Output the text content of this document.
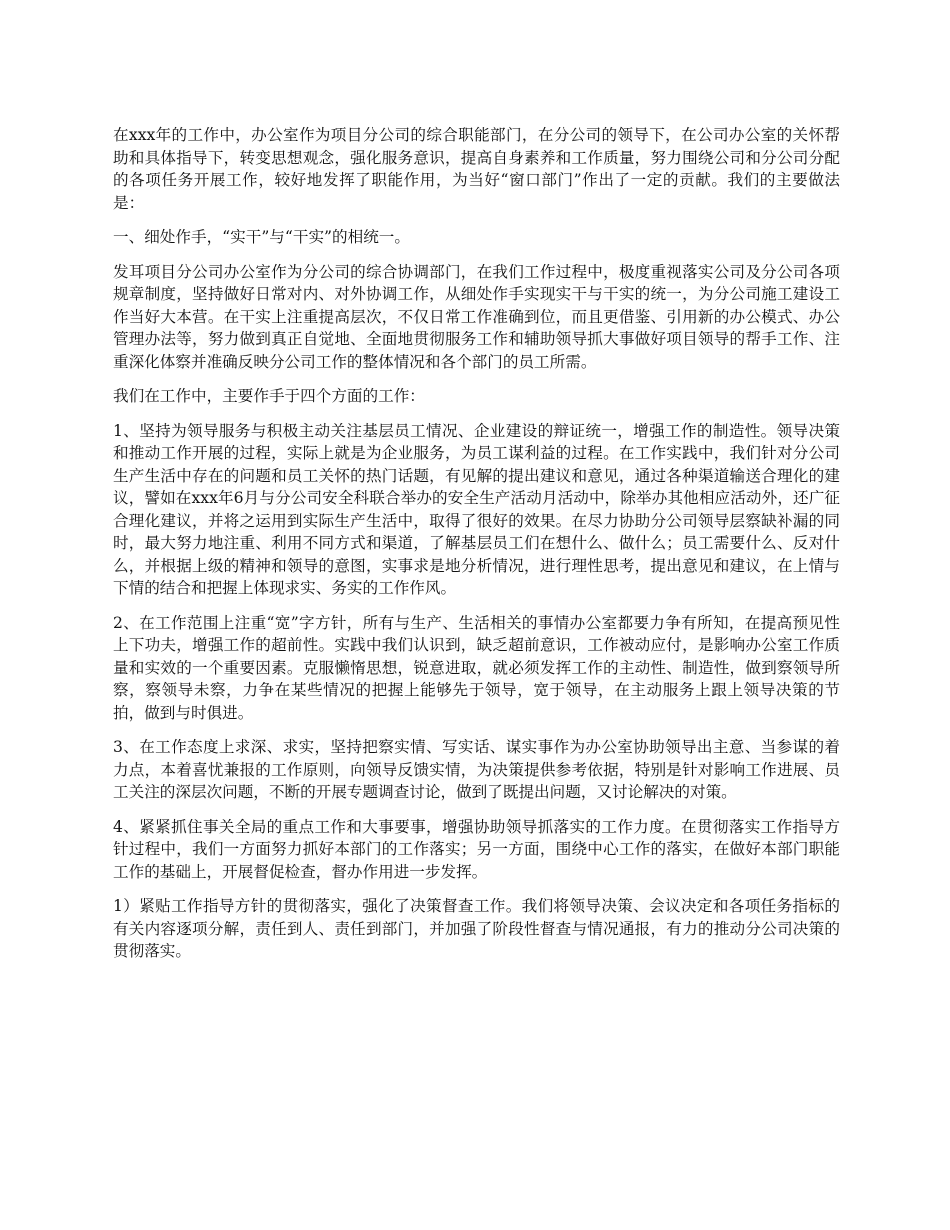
在xxx年的工作中，办公室作为项目分公司的综合职能部门，在分公司的领导下，在公司办公室的关怀帮助和具体指导下，转变思想观念，强化服务意识，提高自身素养和工作质量，努力围绕公司和分公司分配的各项任务开展工作，较好地发挥了职能作用，为当好“窗口部门”作出了一定的贡献。我们的主要做法是：

一、细处作手，“实干”与“干实”的相统一。

发耳项目分公司办公室作为分公司的综合协调部门，在我们工作过程中，极度重视落实公司及分公司各项规章制度，坚持做好日常对内、对外协调工作，从细处作手实现实干与干实的统一，为分公司施工建设工作当好大本营。在干实上注重提高层次，不仅日常工作准确到位，而且更借鉴、引用新的办公模式、办公管理办法等，努力做到真正自觉地、全面地贯彻服务工作和辅助领导抓大事做好项目领导的帮手工作、注重深化体察并准确反映分公司工作的整体情况和各个部门的员工所需。

我们在工作中，主要作手于四个方面的工作：

1、坚持为领导服务与积极主动关注基层员工情况、企业建设的辩证统一，增强工作的制造性。领导决策和推动工作开展的过程，实际上就是为企业服务，为员工谋利益的过程。在工作实践中，我们针对分公司生产生活中存在的问题和员工关怀的热门话题，有见解的提出建议和意见，通过各种渠道输送合理化的建议，譬如在xxx年6月与分公司安全科联合举办的安全生产活动月活动中，除举办其他相应活动外，还广征合理化建议，并将之运用到实际生产生活中，取得了很好的效果。在尽力协助分公司领导层察缺补漏的同时，最大努力地注重、利用不同方式和渠道，了解基层员工们在想什么、做什么；员工需要什么、反对什么，并根据上级的精神和领导的意图，实事求是地分析情况，进行理性思考，提出意见和建议，在上情与下情的结合和把握上体现求实、务实的工作作风。

2、在工作范围上注重“宽”字方针，所有与生产、生活相关的事情办公室都要力争有所知，在提高预见性上下功夫，增强工作的超前性。实践中我们认识到，缺乏超前意识，工作被动应付，是影响办公室工作质量和实效的一个重要因素。克服懒惰思想，锐意进取，就必须发挥工作的主动性、制造性，做到察领导所察，察领导未察，力争在某些情况的把握上能够先于领导，宽于领导，在主动服务上跟上领导决策的节拍，做到与时俱进。

3、在工作态度上求深、求实，坚持把察实情、写实话、谋实事作为办公室协助领导出主意、当参谋的着力点，本着喜忧兼报的工作原则，向领导反馈实情，为决策提供参考依据，特别是针对影响工作进展、员工关注的深层次问题，不断的开展专题调查讨论，做到了既提出问题，又讨论解决的对策。

4、紧紧抓住事关全局的重点工作和大事要事，增强协助领导抓落实的工作力度。在贯彻落实工作指导方针过程中，我们一方面努力抓好本部门的工作落实；另一方面，围绕中心工作的落实，在做好本部门职能工作的基础上，开展督促检查，督办作用进一步发挥。

1）紧贴工作指导方针的贯彻落实，强化了决策督查工作。我们将领导决策、会议决定和各项任务指标的有关内容逐项分解，责任到人、责任到部门，并加强了阶段性督查与情况通报，有力的推动分公司决策的贯彻落实。
